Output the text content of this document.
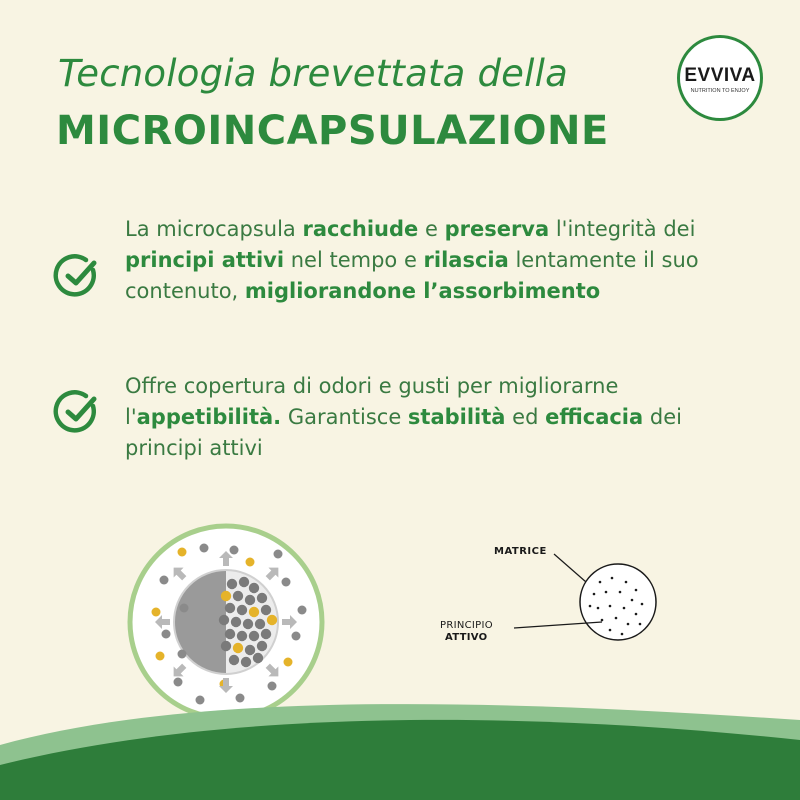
Tecnologia brevettata della
MICROINCAPSULAZIONE
EVVIVA
NUTRITION TO ENJOY
La microcapsula racchiude e preserva l'integrità dei principi attivi nel tempo e rilascia lentamente il suo contenuto, migliorandone l’assorbimento
Offre copertura di odori e gusti per migliorarne l'appetibilità. Garantisce stabilità ed efficacia dei principi attivi
MATRICE
PRINCIPIO
ATTIVO
